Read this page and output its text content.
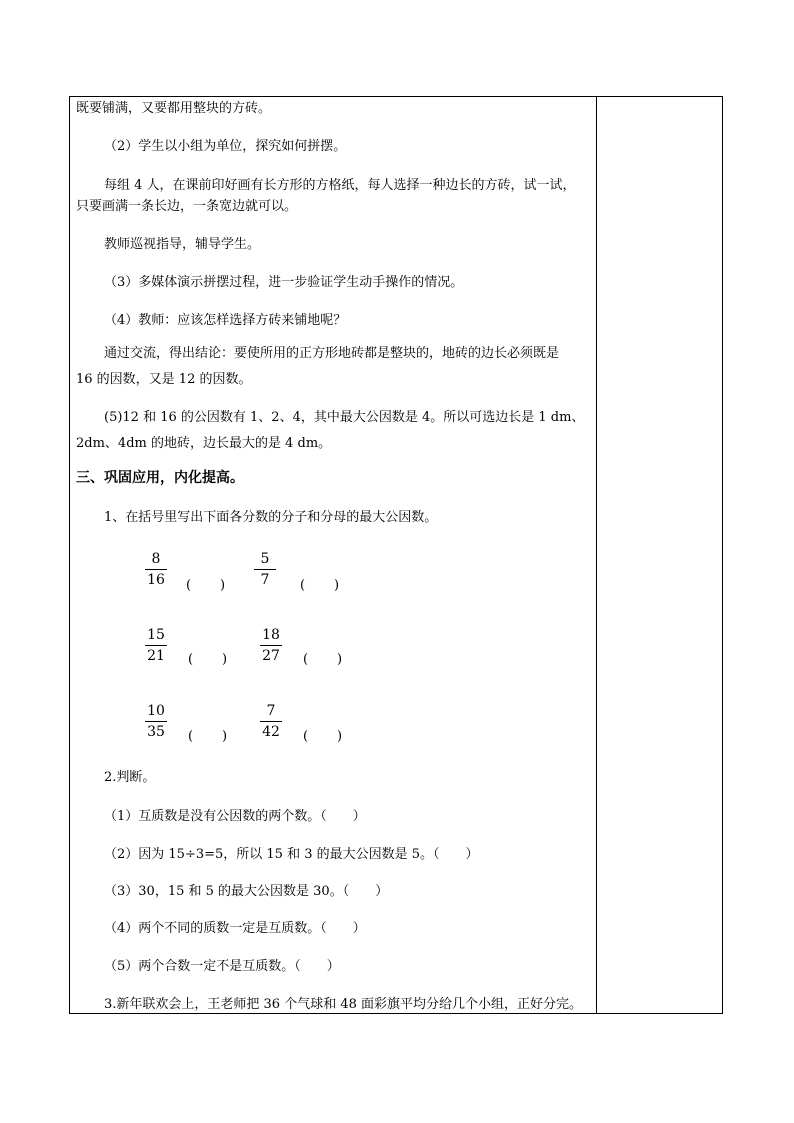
既要铺满，又要都用整块的方砖。
（2）学生以小组为单位，探究如何拼摆。
每组 4 人，在课前印好画有长方形的方格纸，每人选择一种边长的方砖，试一试，
只要画满一条长边，一条宽边就可以。
教师巡视指导，辅导学生。
（3）多媒体演示拼摆过程，进一步验证学生动手操作的情况。
（4）教师：应该怎样选择方砖来铺地呢？
通过交流，得出结论：要使所用的正方形地砖都是整块的，地砖的边长必须既是
16 的因数，又是 12 的因数。
(5)12 和 16 的公因数有 1、2、4，其中最大公因数是 4。所以可选边长是 1 dm、
2dm、4dm 的地砖，边长最大的是 4 dm。
三、巩固应用，内化提高。
1、在括号里写出下面各分数的分子和分母的最大公因数。
8
16 (       )
5
7	(       )
15
21 (       )
18
27 (       )
10
35 (       )
7
42 (       )
2.判断。
（1）互质数是没有公因数的两个数。（　　）
（2）因为 15÷3=5，所以 15 和 3 的最大公因数是 5。（　　）
（3）30，15 和 5 的最大公因数是 30。（　　）
（4）两个不同的质数一定是互质数。（　　）
（5）两个合数一定不是互质数。（　　）
3.新年联欢会上，王老师把 36 个气球和 48 面彩旗平均分给几个小组，正好分完。
